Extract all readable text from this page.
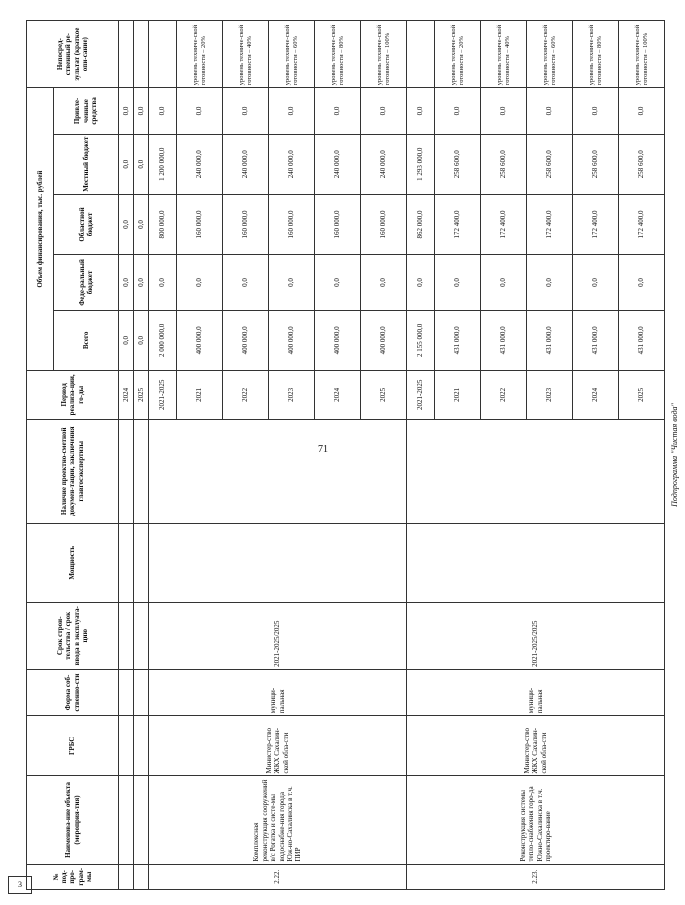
71
№ под-про-грам-мы	Наименова-ние объекта (мероприя-тия)	ГРБС	Форма соб-ственно-сти	Срок строи-тельства / срок ввода в эксплуата-цию	Мощность	Наличие проектно-сметной докумен-тации, заключения главгосэкспертизы	Период реализа-ции, го-ды	Объем финансирования, тыс. рублей					Непосред-ственный ре-зультат (краткое опи-сание)
								Всего	Феде-ральный бюджет	Областной бюджет	Местный бюджет	Привле-ченные средства	
							2024	0,0	0,0	0,0	0,0	0,0	
							2025	0,0	0,0	0,0	0,0	0,0	
2.22.	Комплексная реконструкция сооружений в/с Рогатка и систе-мы водоснабже-ния города Юж-но-Сахалинска в т.ч. ПИР	Министер-ство ЖКХ Сахалин-ской обла-сти	муници-пальная	2021-2025/2025			2021-2025	2 000 000,0	0,0	800 000,0	1 200 000,0	0,0	
							2021	400 000,0	0,0	160 000,0	240 000,0	0,0	уровень техниче-ской готовности – 20%
							2022	400 000,0	0,0	160 000,0	240 000,0	0,0	уровень техниче-ской готовности – 40%
							2023	400 000,0	0,0	160 000,0	240 000,0	0,0	уровень техниче-ской готовности – 60%
							2024	400 000,0	0,0	160 000,0	240 000,0	0,0	уровень техниче-ской готовности – 80%
							2025	400 000,0	0,0	160 000,0	240 000,0	0,0	уровень техниче-ской готовности – 100%
2.23.	Реконструкция системы тепло-снабжения горо-да Южно-Сахалинска в т.ч. проектиро-вание	Министер-ство ЖКХ Сахалин-ской обла-сти	муници-пальная	2021-2025/2025			2021-2025	2 155 000,0	0,0	862 000,0	1 293 000,0	0,0	
							2021	431 000,0	0,0	172 400,0	258 600,0	0,0	уровень техниче-ской готовности – 20%
							2022	431 000,0	0,0	172 400,0	258 600,0	0,0	уровень техниче-ской готовности – 40%
							2023	431 000,0	0,0	172 400,0	258 600,0	0,0	уровень техниче-ской готовности – 60%
							2024	431 000,0	0,0	172 400,0	258 600,0	0,0	уровень техниче-ской готовности – 80%
							2025	431 000,0	0,0	172 400,0	258 600,0	0,0	уровень техниче-ской готовности – 100%
Подпрограмма "Чистая вода"													
3
